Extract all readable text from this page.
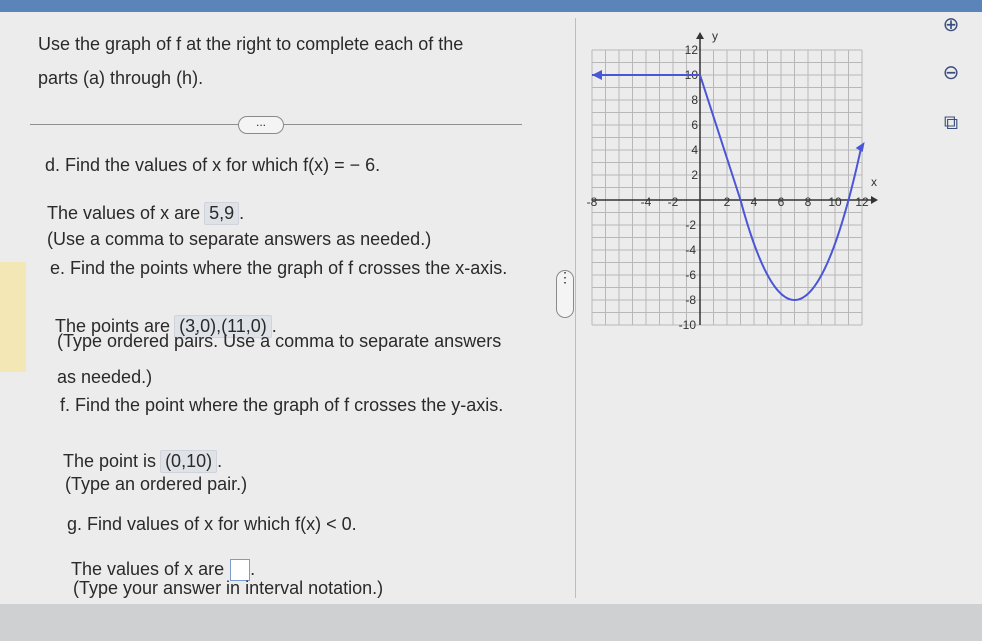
Use the graph of f at the right to complete each of the
parts (a) through (h).
...
d. Find the values of x for which f(x) = − 6.
The values of x are 5,9 .
(Use a comma to separate answers as needed.)
e. Find the points where the graph of f crosses the x-axis.
The points are (3,0),(11,0) .
(Type ordered pairs. Use a comma to separate answers
as needed.)
f. Find the point where the graph of f crosses the y-axis.
The point is (0,10) .
(Type an ordered pair.)
g. Find values of x for which f(x) < 0.
The values of x are .
(Type your answer in interval notation.)
⋮
x
y
-8	-4 -2	2 4 6 8 10 12
12
10
8
6
4
2
-2
-4
-6
-8
-10
⊕
⊖
⧉
